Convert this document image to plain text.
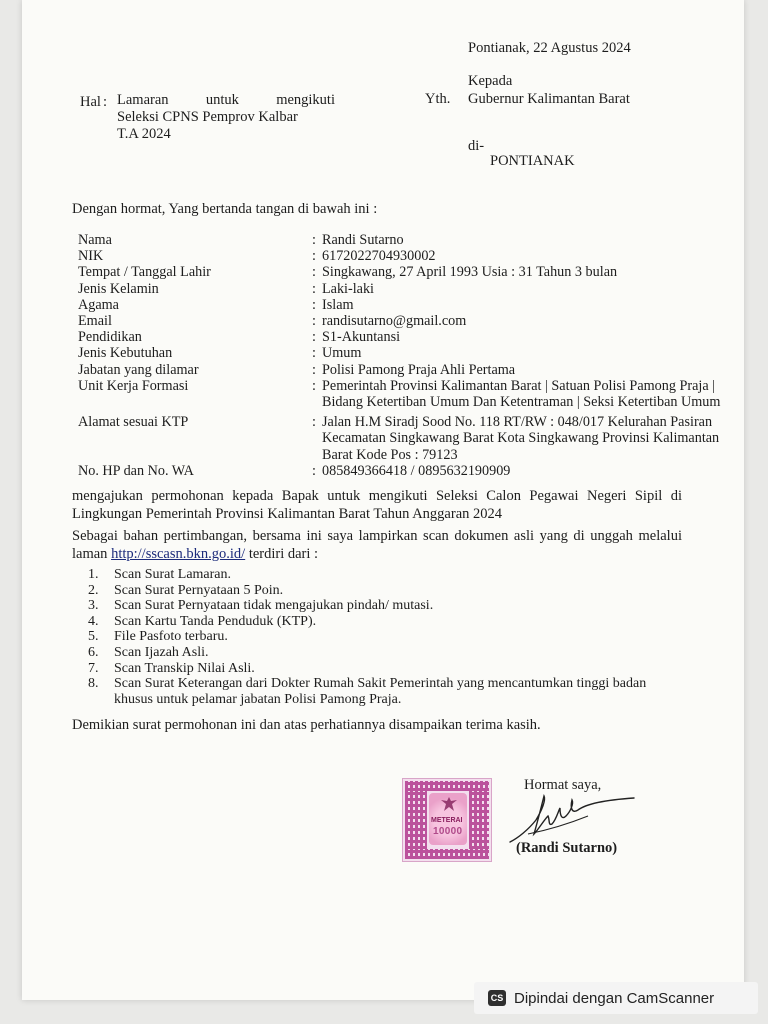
Pontianak, 22 Agustus 2024
Kepada
Yth. Gubernur Kalimantan Barat
di-
PONTIANAK
Hal : Lamaran untuk mengikuti
Seleksi CPNS Pemprov Kalbar
T.A 2024
Dengan hormat, Yang bertanda tangan di bawah ini :
Nama	: Randi Sutarno
NIK	: 6172022704930002
Tempat / Tanggal Lahir	: Singkawang, 27 April 1993 Usia : 31 Tahun 3 bulan
Jenis Kelamin	: Laki-laki
Agama	: Islam
Email	: randisutarno@gmail.com
Pendidikan	: S1-Akuntansi
Jenis Kebutuhan	: Umum
Jabatan yang dilamar	: Polisi Pamong Praja Ahli Pertama
Unit Kerja Formasi	: Pemerintah Provinsi Kalimantan Barat | Satuan Polisi Pamong Praja | Bidang Ketertiban Umum Dan Ketentraman | Seksi Ketertiban Umum
Alamat sesuai KTP	: Jalan H.M Siradj Sood No. 118 RT/RW : 048/017 Kelurahan Pasiran Kecamatan Singkawang Barat Kota Singkawang Provinsi Kalimantan Barat Kode Pos : 79123
No. HP dan No. WA	: 085849366418 / 0895632190909
mengajukan permohonan kepada Bapak untuk mengikuti Seleksi Calon Pegawai Negeri Sipil di Lingkungan Pemerintah Provinsi Kalimantan Barat Tahun Anggaran 2024
Sebagai bahan pertimbangan, bersama ini saya lampirkan scan dokumen asli yang di unggah melalui laman http://sscasn.bkn.go.id/ terdiri dari :
1.	Scan Surat Lamaran.
2.	Scan Surat Pernyataan 5 Poin.
3.	Scan Surat Pernyataan tidak mengajukan pindah/ mutasi.
4.	Scan Kartu Tanda Penduduk (KTP).
5.	File Pasfoto terbaru.
6.	Scan Ijazah Asli.
7.	Scan Transkip Nilai Asli.
8.	Scan Surat Keterangan dari Dokter Rumah Sakit Pemerintah yang mencantumkan tinggi badan khusus untuk pelamar jabatan Polisi Pamong Praja.
Demikian surat permohonan ini dan atas perhatiannya disampaikan terima kasih.
Hormat saya,
METERAI
10000
(Randi Sutarno)
CS Dipindai dengan CamScanner
